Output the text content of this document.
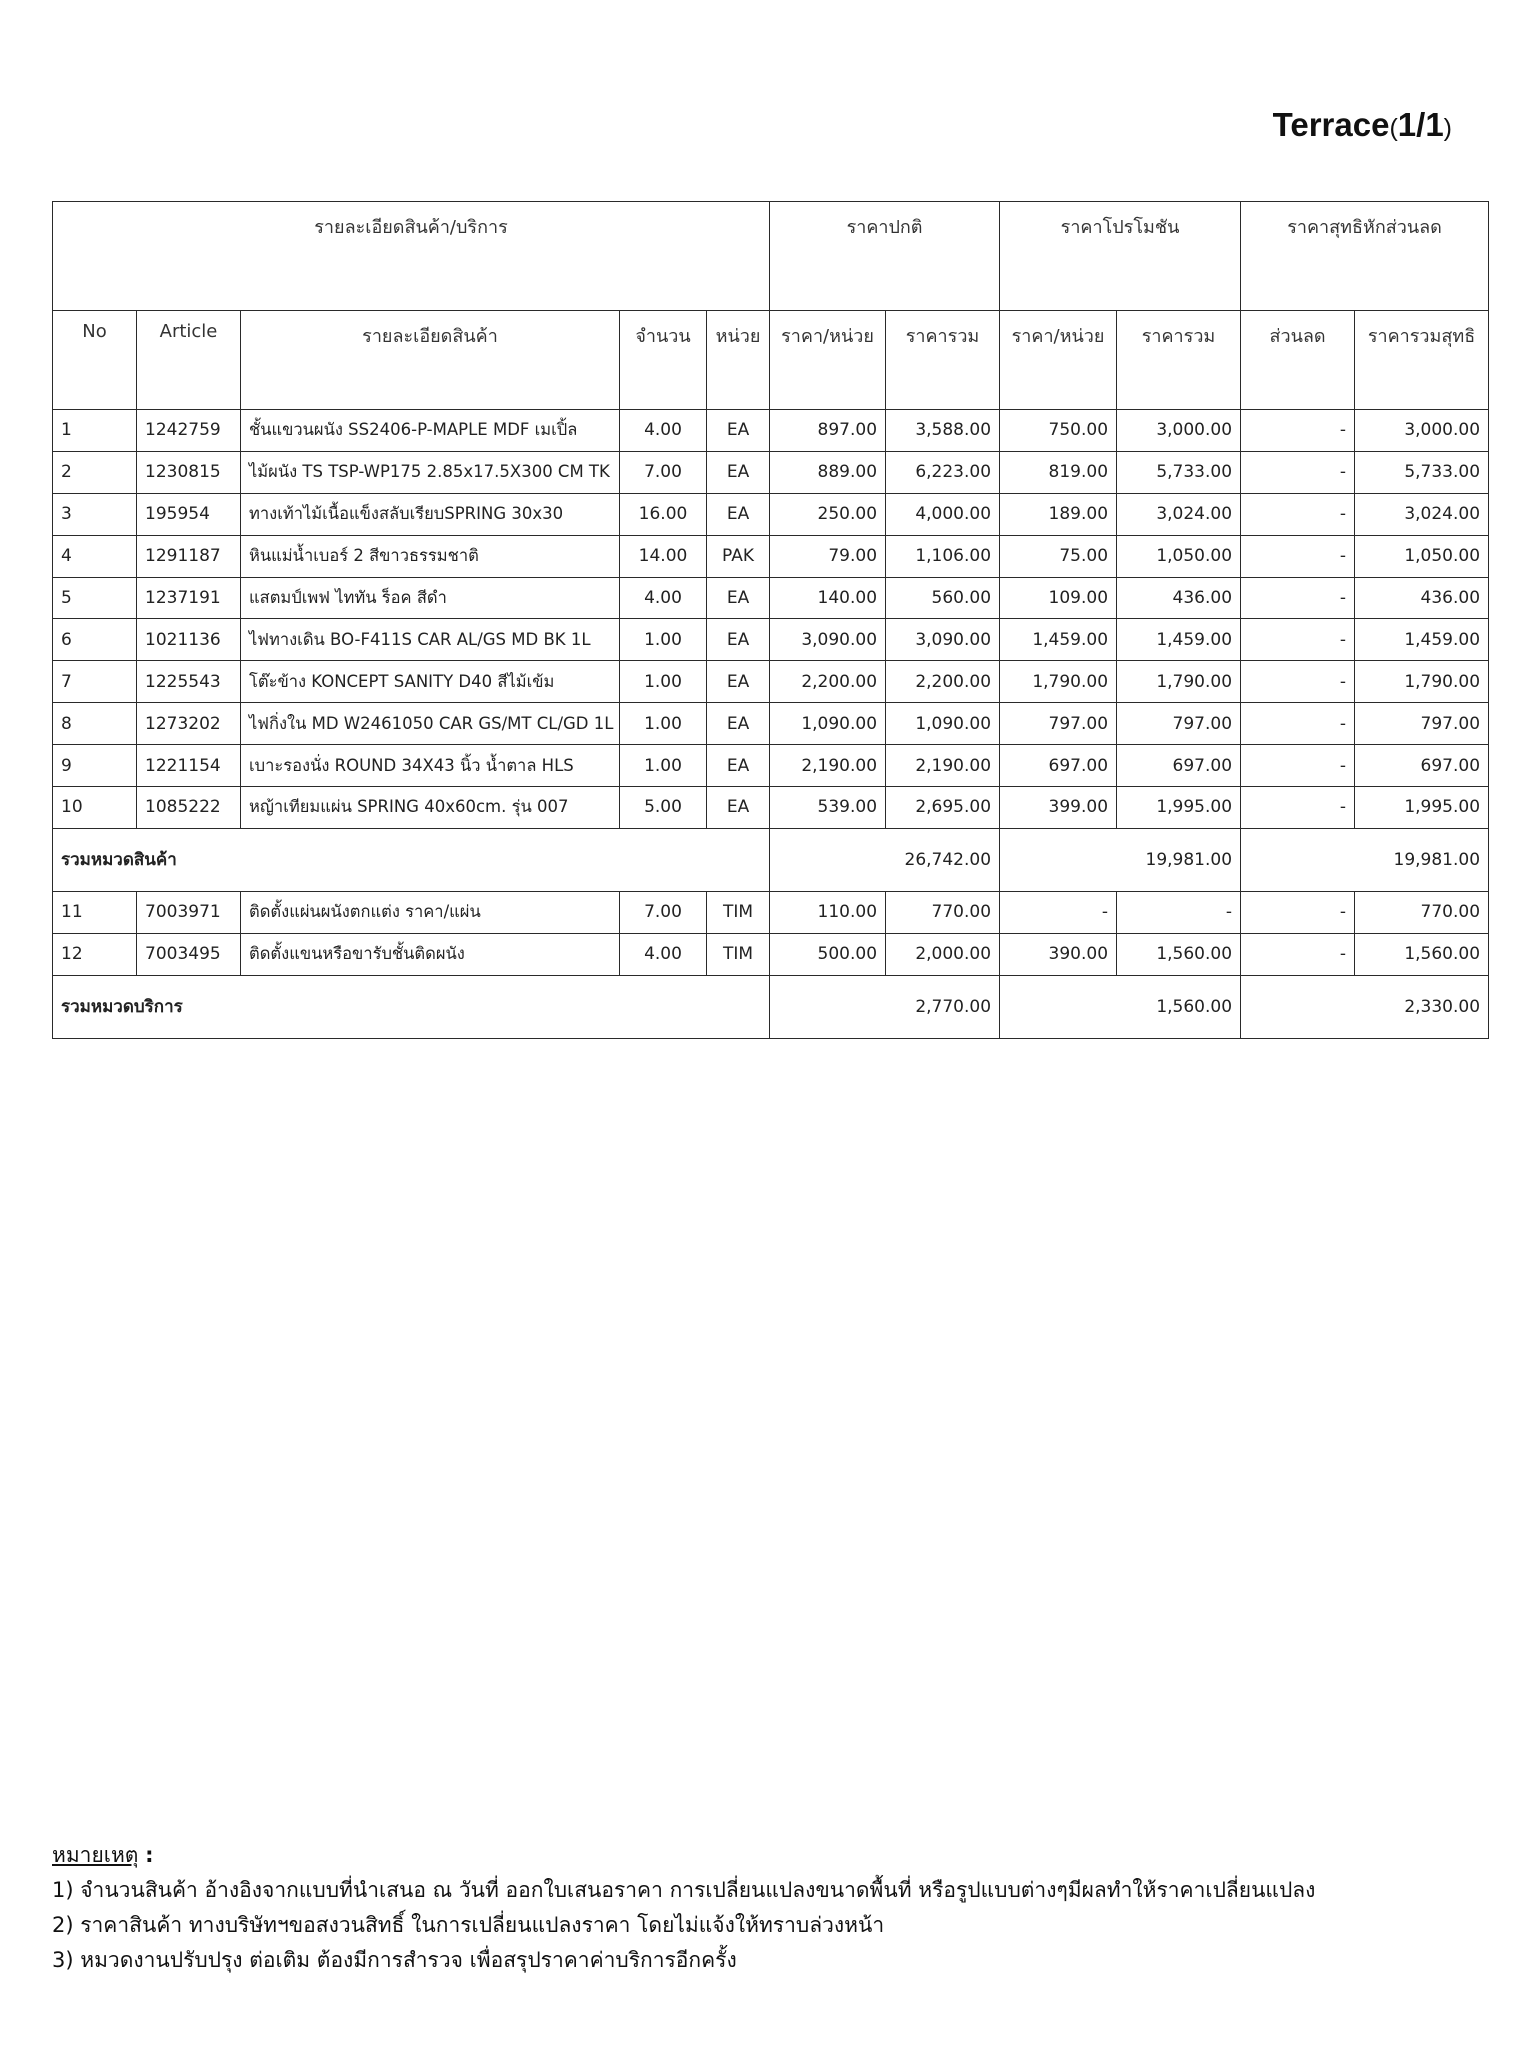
Terrace(1/1)
รายละเอียดสินค้า/บริการ					ราคาปกติ		ราคาโปรโมชัน		ราคาสุทธิหักส่วนลด	
No	Article	รายละเอียดสินค้า	จำนวน	หน่วย	ราคา/หน่วย	ราคารวม	ราคา/หน่วย	ราคารวม	ส่วนลด	ราคารวมสุทธิ
1	1242759	ชั้นแขวนผนัง SS2406-P-MAPLE MDF เมเปิ้ล	4.00	EA	897.00	3,588.00	750.00	3,000.00	-	3,000.00
2	1230815	ไม้ผนัง TS TSP-WP175 2.85x17.5X300 CM TK	7.00	EA	889.00	6,223.00	819.00	5,733.00	-	5,733.00
3	195954	ทางเท้าไม้เนื้อแข็งสลับเรียบSPRING 30x30	16.00	EA	250.00	4,000.00	189.00	3,024.00	-	3,024.00
4	1291187	หินแม่น้ำเบอร์ 2 สีขาวธรรมชาติ	14.00	PAK	79.00	1,106.00	75.00	1,050.00	-	1,050.00
5	1237191	แสตมป์เพฟ ไททัน ร็อค สีดำ	4.00	EA	140.00	560.00	109.00	436.00	-	436.00
6	1021136	ไฟทางเดิน BO-F411S CAR AL/GS MD BK 1L	1.00	EA	3,090.00	3,090.00	1,459.00	1,459.00	-	1,459.00
7	1225543	โต๊ะข้าง KONCEPT SANITY D40 สีไม้เข้ม	1.00	EA	2,200.00	2,200.00	1,790.00	1,790.00	-	1,790.00
8	1273202	ไฟกิ่งใน MD W2461050 CAR GS/MT CL/GD 1L	1.00	EA	1,090.00	1,090.00	797.00	797.00	-	797.00
9	1221154	เบาะรองนั่ง ROUND 34X43 นิ้ว น้ำตาล HLS	1.00	EA	2,190.00	2,190.00	697.00	697.00	-	697.00
10	1085222	หญ้าเทียมแผ่น SPRING 40x60cm. รุ่น 007	5.00	EA	539.00	2,695.00	399.00	1,995.00	-	1,995.00
รวมหมวดสินค้า					26,742.00		19,981.00		19,981.00	
11	7003971	ติดตั้งแผ่นผนังตกแต่ง ราคา/แผ่น	7.00	TIM	110.00	770.00	-	-	-	770.00
12	7003495	ติดตั้งแขนหรือขารับชั้นติดผนัง	4.00	TIM	500.00	2,000.00	390.00	1,560.00	-	1,560.00
รวมหมวดบริการ					2,770.00		1,560.00		2,330.00	
หมายเหตุ :
1) จำนวนสินค้า อ้างอิงจากแบบที่นำเสนอ ณ วันที่ ออกใบเสนอราคา การเปลี่ยนแปลงขนาดพื้นที่ หรือรูปแบบต่างๆมีผลทำให้ราคาเปลี่ยนแปลง
2) ราคาสินค้า ทางบริษัทฯขอสงวนสิทธิ์ ในการเปลี่ยนแปลงราคา โดยไม่แจ้งให้ทราบล่วงหน้า
3) หมวดงานปรับปรุง ต่อเติม ต้องมีการสำรวจ เพื่อสรุปราคาค่าบริการอีกครั้ง
